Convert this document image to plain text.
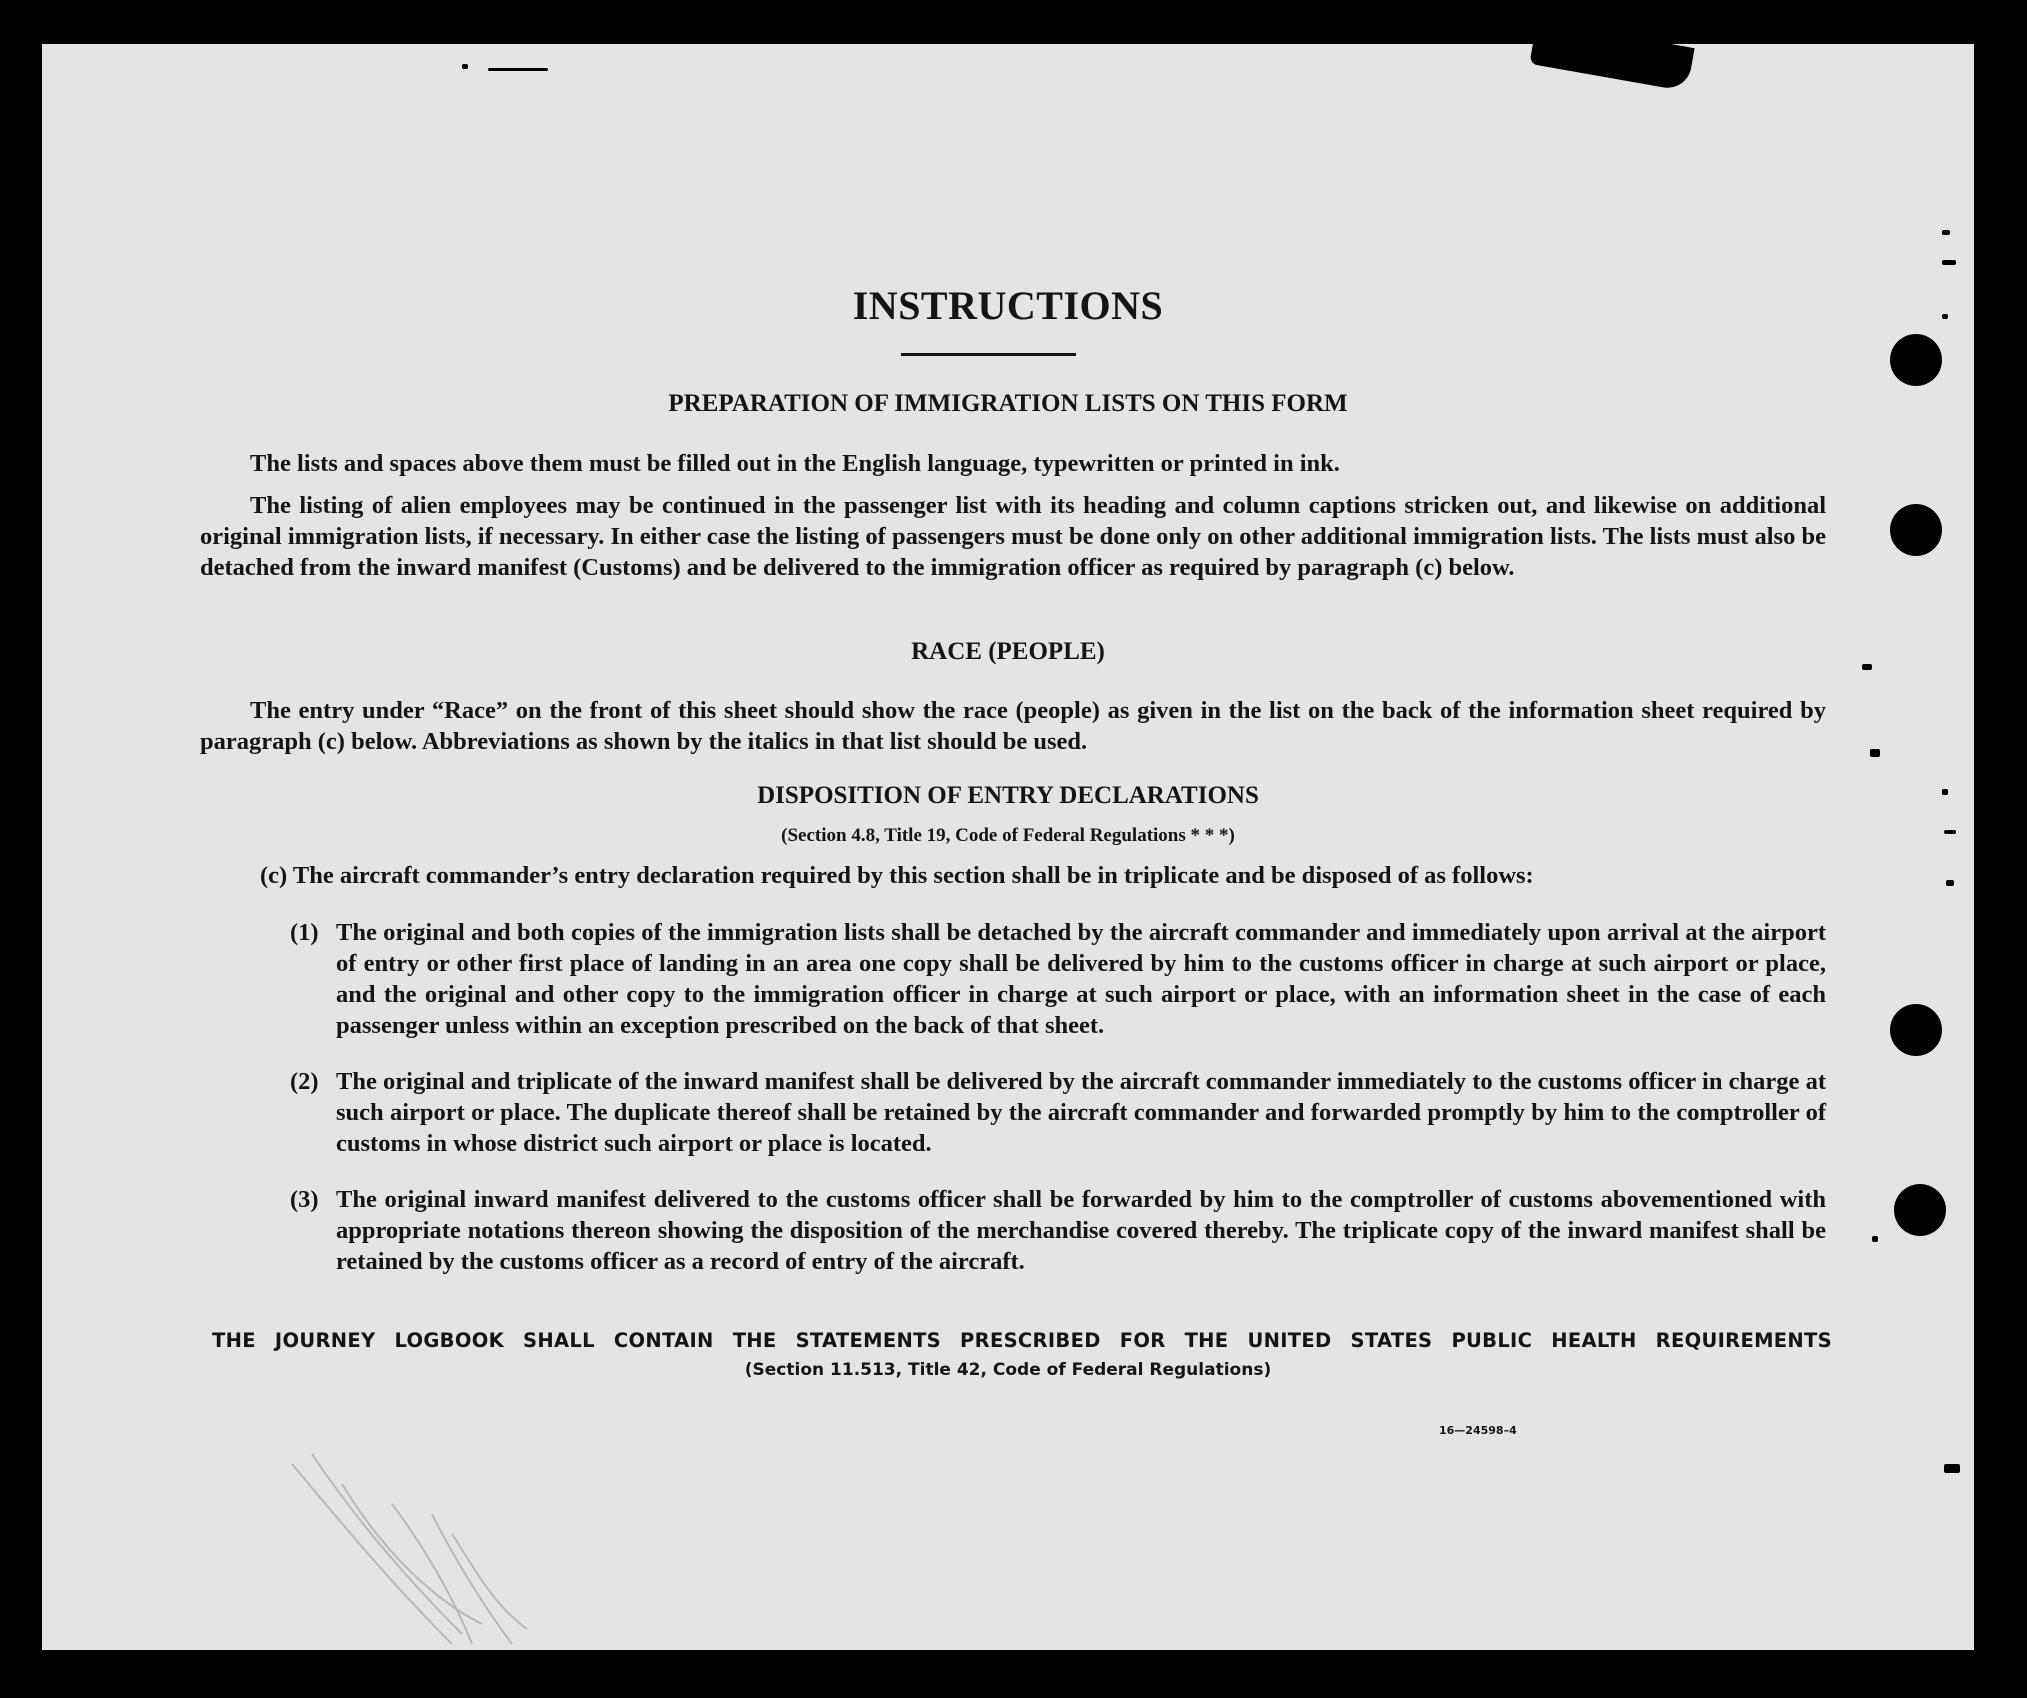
INSTRUCTIONS
PREPARATION OF IMMIGRATION LISTS ON THIS FORM
The lists and spaces above them must be filled out in the English language, typewritten or printed in ink.
The listing of alien employees may be continued in the passenger list with its heading and column captions stricken out, and likewise on additional original immigration lists, if necessary. In either case the listing of passengers must be done only on other additional immigration lists. The lists must also be detached from the inward manifest (Customs) and be delivered to the immigration officer as required by paragraph (c) below.
RACE (PEOPLE)
The entry under “Race” on the front of this sheet should show the race (people) as given in the list on the back of the information sheet required by paragraph (c) below. Abbreviations as shown by the italics in that list should be used.
DISPOSITION OF ENTRY DECLARATIONS
(Section 4.8, Title 19, Code of Federal Regulations * * *)
(c) The aircraft commander’s entry declaration required by this section shall be in triplicate and be disposed of as follows:
(1) The original and both copies of the immigration lists shall be detached by the aircraft commander and immediately upon arrival at the airport of entry or other first place of landing in an area one copy shall be delivered by him to the customs officer in charge at such airport or place, and the original and other copy to the immigration officer in charge at such airport or place, with an information sheet in the case of each passenger unless within an exception prescribed on the back of that sheet.
(2) The original and triplicate of the inward manifest shall be delivered by the aircraft commander immediately to the customs officer in charge at such airport or place. The duplicate thereof shall be retained by the aircraft commander and forwarded promptly by him to the comptroller of customs in whose district such airport or place is located.
(3) The original inward manifest delivered to the customs officer shall be forwarded by him to the comptroller of customs abovementioned with appropriate notations thereon showing the disposition of the merchandise covered thereby. The triplicate copy of the inward manifest shall be retained by the customs officer as a record of entry of the aircraft.
THE JOURNEY LOGBOOK SHALL CONTAIN THE STATEMENTS PRESCRIBED FOR THE UNITED STATES PUBLIC HEALTH REQUIREMENTS
(Section 11.513, Title 42, Code of Federal Regulations)
16—24598–4
